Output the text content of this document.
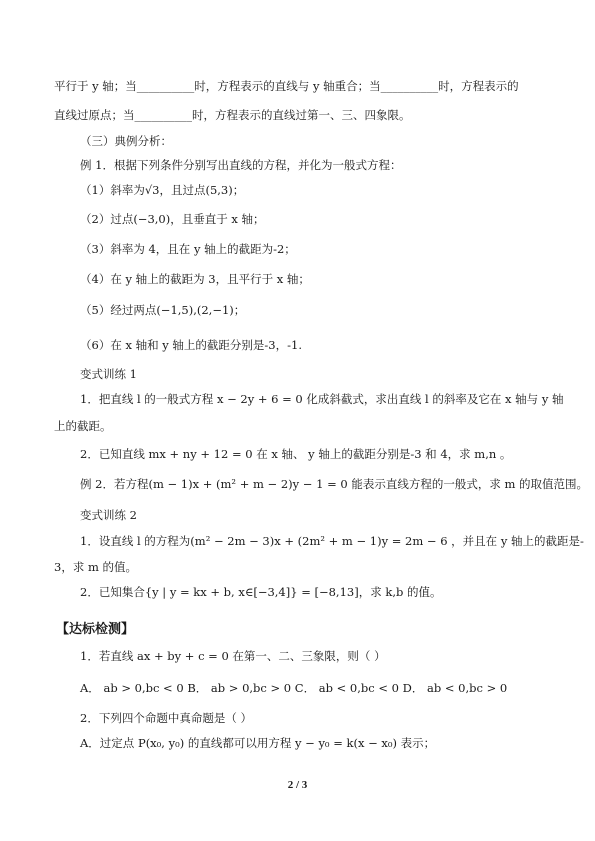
平行于 y 轴；当__________时，方程表示的直线与 y 轴重合；当__________时，方程表示的
直线过原点；当__________时，方程表示的直线过第一、三、四象限。
（三）典例分析：
例 1．根据下列条件分别写出直线的方程，并化为一般式方程：
（1）斜率为√3，且过点(5,3)；
（2）过点(−3,0)，且垂直于 x 轴；
（3）斜率为 4，且在 y 轴上的截距为-2；
（4）在 y 轴上的截距为 3，且平行于 x 轴；
（5）经过两点(−1,5),(2,−1)；
（6）在 x 轴和 y 轴上的截距分别是-3，-1.
变式训练 1
1．把直线 l 的一般式方程 x − 2y + 6 = 0 化成斜截式，求出直线 l 的斜率及它在 x 轴与 y 轴
上的截距。
2．已知直线 mx + ny + 12 = 0 在 x 轴、 y 轴上的截距分别是-3 和 4，求 m,n 。
例 2．若方程(m − 1)x + (m² + m − 2)y − 1 = 0 能表示直线方程的一般式，求 m 的取值范围。
变式训练 2
1．设直线 l 的方程为(m² − 2m − 3)x + (2m² + m − 1)y = 2m − 6 ，并且在 y 轴上的截距是-
3，求 m 的值。
2．已知集合{y | y = kx + b, x∈[−3,4]} = [−8,13]，求 k,b 的值。
【达标检测】
1．若直线 ax + by + c = 0 在第一、二、三象限，则（ ）
A． ab > 0,bc < 0 B． ab > 0,bc > 0 C． ab < 0,bc < 0 D． ab < 0,bc > 0
2．下列四个命题中真命题是（ ）
A．过定点 P(x₀, y₀) 的直线都可以用方程 y − y₀ = k(x − x₀) 表示；
2 / 3
